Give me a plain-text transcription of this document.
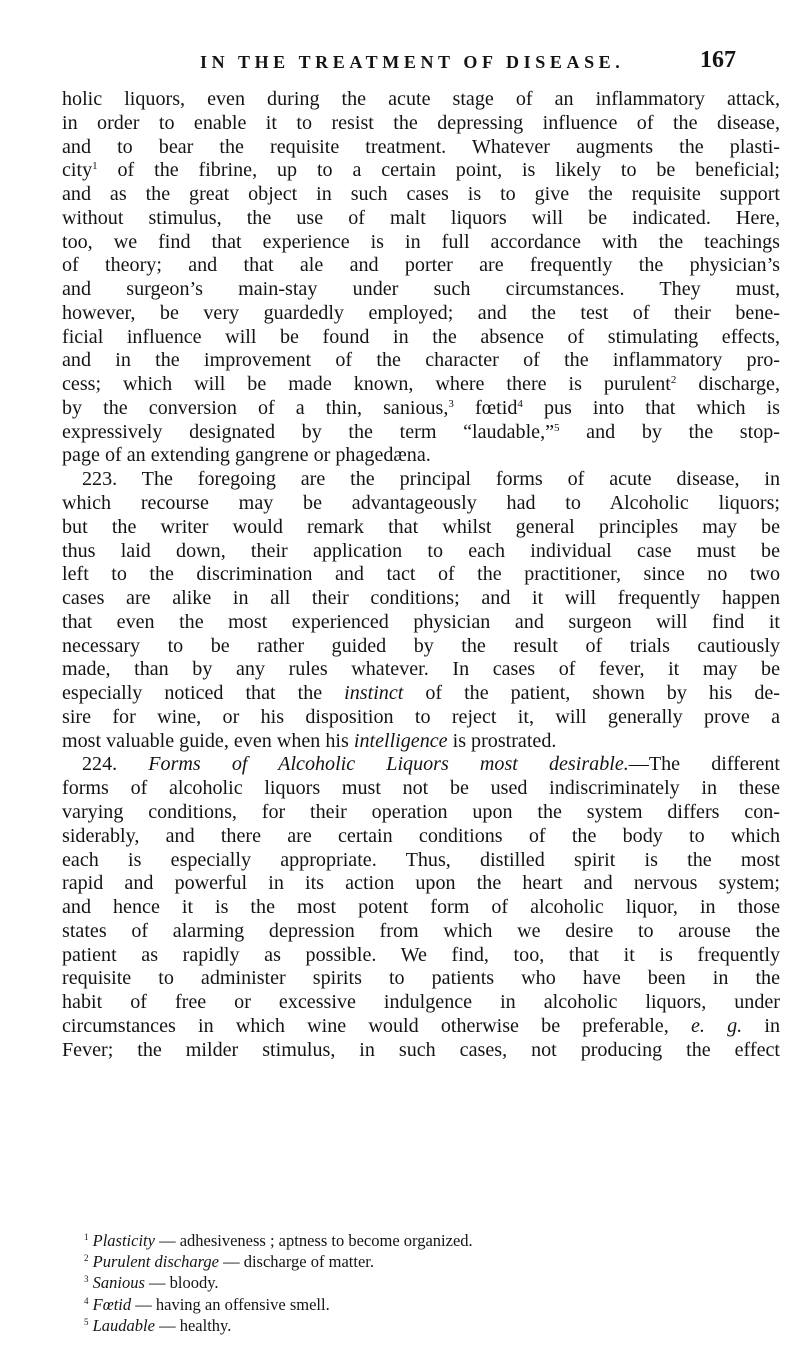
IN THE TREATMENT OF DISEASE.	167
holic liquors, even during the acute stage of an inflammatory attack,
in order to enable it to resist the depressing influence of the disease,
and to bear the requisite treatment. Whatever augments the plasti-
city$^1$ of the fibrine, up to a certain point, is likely to be beneficial;
and as the great object in such cases is to give the requisite support
without stimulus, the use of malt liquors will be indicated. Here,
too, we find that experience is in full accordance with the teachings
of theory; and that ale and porter are frequently the physician’s
and surgeon’s main-stay under such circumstances. They must,
however, be very guardedly employed; and the test of their bene-
ficial influence will be found in the absence of stimulating effects,
and in the improvement of the character of the inflammatory pro-
cess; which will be made known, where there is purulent$^2$ discharge,
by the conversion of a thin, sanious,$^3$ fœtid$^4$ pus into that which is
expressively designated by the term “laudable,”$^5$ and by the stop-
page of an extending gangrene or phagedæna.
223. The foregoing are the principal forms of acute disease, in
which recourse may be advantageously had to Alcoholic liquors;
but the writer would remark that whilst general principles may be
thus laid down, their application to each individual case must be
left to the discrimination and tact of the practitioner, since no two
cases are alike in all their conditions; and it will frequently happen
that even the most experienced physician and surgeon will find it
necessary to be rather guided by the result of trials cautiously
made, than by any rules whatever. In cases of fever, it may be
especially noticed that the instinct of the patient, shown by his de-
sire for wine, or his disposition to reject it, will generally prove a
most valuable guide, even when his intelligence is prostrated.
224. Forms of Alcoholic Liquors most desirable.—The different
forms of alcoholic liquors must not be used indiscriminately in these
varying conditions, for their operation upon the system differs con-
siderably, and there are certain conditions of the body to which
each is especially appropriate. Thus, distilled spirit is the most
rapid and powerful in its action upon the heart and nervous system;
and hence it is the most potent form of alcoholic liquor, in those
states of alarming depression from which we desire to arouse the
patient as rapidly as possible. We find, too, that it is frequently
requisite to administer spirits to patients who have been in the
habit of free or excessive indulgence in alcoholic liquors, under
circumstances in which wine would otherwise be preferable, e. g. in
Fever; the milder stimulus, in such cases, not producing the effect
$^1$ Plasticity — adhesiveness ; aptness to become organized.
$^2$ Purulent discharge — discharge of matter.
$^3$ Sanious — bloody.
$^4$ Fœtid — having an offensive smell.
$^5$ Laudable — healthy.
